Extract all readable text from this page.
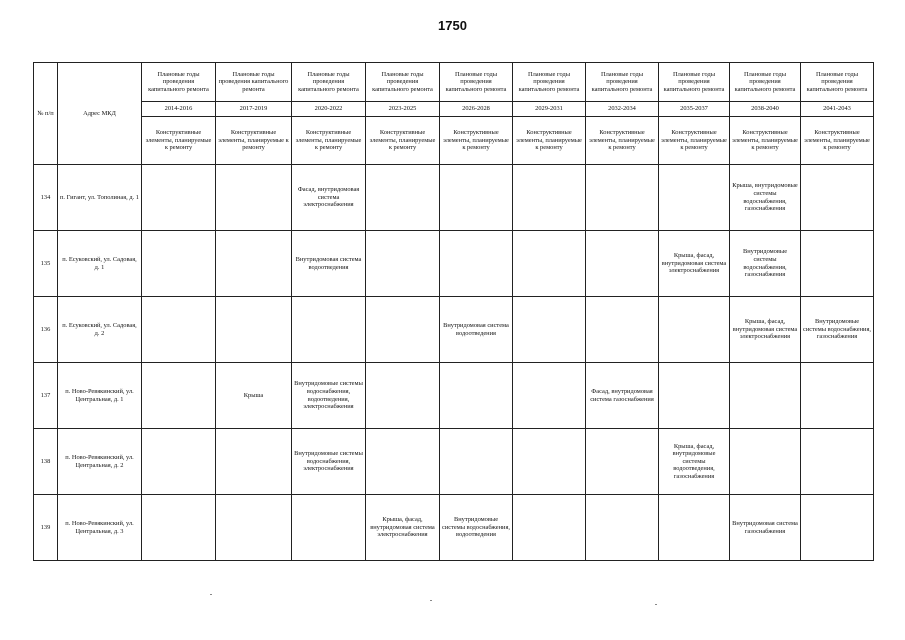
1750
№ п/п	Адрес МКД	Плановые годы проведения капитального ремонта	Плановые годы проведения капитального ремонта	Плановые годы проведения капитального ремонта	Плановые годы проведения капитального ремонта	Плановые годы проведения капитального ремонта	Плановые годы проведения капитального ремонта	Плановые годы проведения капитального ремонта	Плановые годы проведения капитального ремонта	Плановые годы проведения капитального ремонта	Плановые годы проведения капитального ремонта
		2014-2016	2017-2019	2020-2022	2023-2025	2026-2028	2029-2031	2032-2034	2035-2037	2038-2040	2041-2043
		Конструктивные элементы, планируемые к ремонту	Конструктивные элементы, планируемые к ремонту	Конструктивные элементы, планируемые к ремонту	Конструктивные элементы, планируемые к ремонту	Конструктивные элементы, планируемые к ремонту	Конструктивные элементы, планируемые к ремонту	Конструктивные элементы, планируемые к ремонту	Конструктивные элементы, планируемые к ремонту	Конструктивные элементы, планируемые к ремонту	Конструктивные элементы, планируемые к ремонту
134	п. Гигант, ул. Тополиная, д. 1			Фасад, внутридомовая система электроснабжения						Крыша, внутридомовые системы водоснабжения, газоснабжения	
135	п. Есуковский, ул. Садовая, д. 1			Внутридомовая система водоотведения					Крыша, фасад, внутридомовая система электроснабжения	Внутридомовые системы водоснабжения, газоснабжения	
136	п. Есуковский, ул. Садовая, д. 2					Внутридомовая система водоотведения				Крыша, фасад, внутридомовая система электроснабжения	Внутридомовые системы водоснабжения, газоснабжения
137	п. Ново-Ревякинский, ул. Центральная, д. 1		Крыша	Внутридомовые системы водоснабжения, водоотведения, электроснабжения				Фасад, внутридомовая система газоснабжения			
138	п. Ново-Ревякинский, ул. Центральная, д. 2			Внутридомовые системы водоснабжения, электроснабжения					Крыша, фасад, внутридомовые системы водоотведения, газоснабжения		
139	п. Ново-Ревякинский, ул. Центральная, д. 3				Крыша, фасад, внутридомовая система электроснабжения	Внутридомовые системы водоснабжения, водоотведения				Внутридомовая система газоснабжения	
